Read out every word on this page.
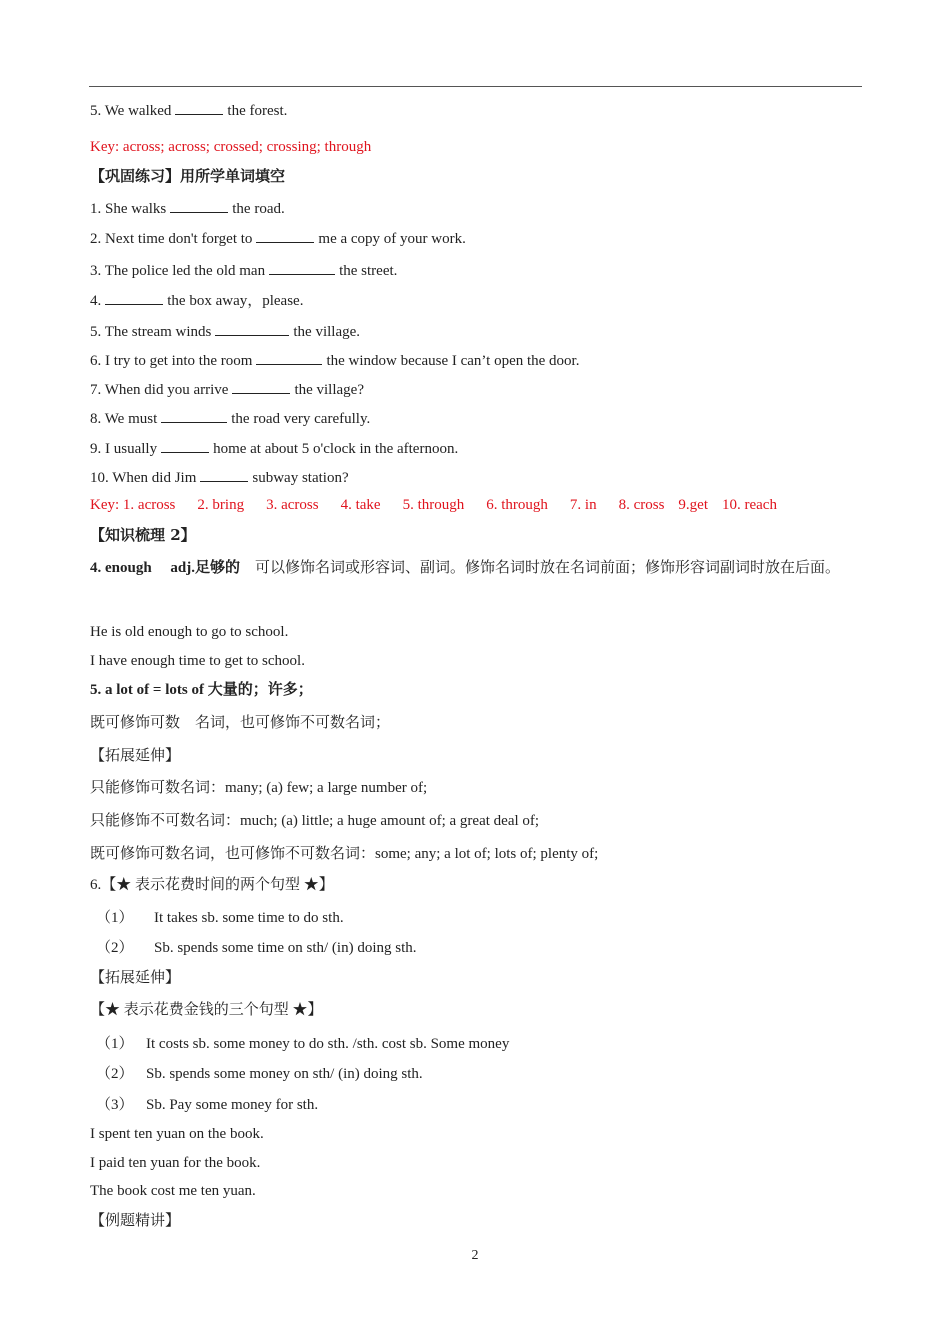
5. We walked	the forest.
Key: across; across; crossed; crossing; through
【巩固练习】用所学单词填空
1. She walks	the road.
2. Next time don't forget to	me a copy of your work.
3. The police led the old man	the street.
4.	the box away，please.
5. The stream winds	the village.
6. I try to get into the room	the window because I can’t open the door.
7. When did you arrive	the village?
8. We must	the road very carefully.
9. I usually	home at about 5 o'clock in the afternoon.
10. When did Jim	subway station?
Key: 1. across 2. bring 3. across 4. take 5. through 6. through 7. in 8. cross 9.get 10. reach
【知识梳理 2】
4. enough　 adj.足够的 可以修饰名词或形容词、副词。修饰名词时放在名词前面；修饰形容词副词时放在后面。
He is old enough to go to school.
I have enough time to get to school.
5. a lot of = lots of 大量的；许多；
既可修饰可数　名词，也可修饰不可数名词；
【拓展延伸】
只能修饰可数名词：many; (a) few; a large number of;
只能修饰不可数名词：much; (a) little; a huge amount of; a great deal of;
既可修饰可数名词，也可修饰不可数名词：some; any; a lot of; lots of; plenty of;
6.【★ 表示花费时间的两个句型 ★】
（1） It takes sb. some time to do sth.
（2） Sb. spends some time on sth/ (in) doing sth.
【拓展延伸】
【★ 表示花费金钱的三个句型 ★】
（1） It costs sb. some money to do sth. /sth. cost sb. Some money
（2） Sb. spends some money on sth/ (in) doing sth.
（3） Sb. Pay some money for sth.
I spent ten yuan on the book.
I paid ten yuan for the book.
The book cost me ten yuan.
【例题精讲】
2
